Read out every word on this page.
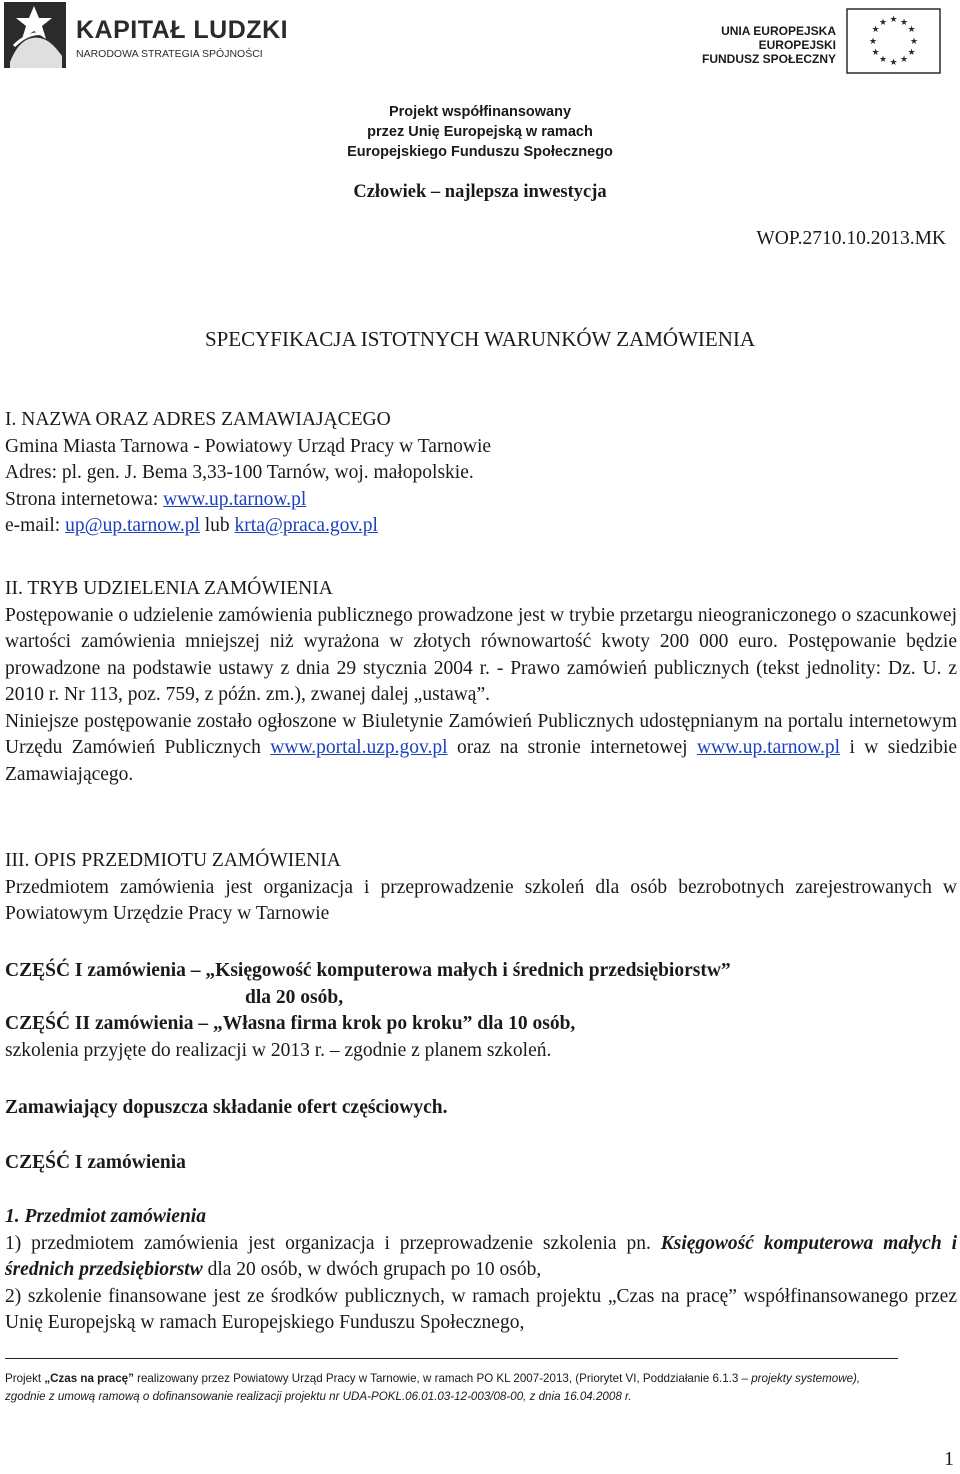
KAPITAŁ LUDZKI
NARODOWA STRATEGIA SPÓJNOŚCI
UNIA EUROPEJSKA
EUROPEJSKI
FUNDUSZ SPOŁECZNY
★ ★
★
★
★
★
★
★
★
★
★
★
Projekt współfinansowany
przez Unię Europejską w ramach
Europejskiego Funduszu Społecznego
Człowiek – najlepsza inwestycja
WOP.2710.10.2013.MK
SPECYFIKACJA ISTOTNYCH WARUNKÓW ZAMÓWIENIA

I. NAZWA ORAZ ADRES ZAMAWIAJĄCEGO

Gmina Miasta Tarnowa - Powiatowy Urząd Pracy w Tarnowie

Adres: pl. gen. J. Bema 3,33-100 Tarnów, woj. małopolskie.

Strona internetowa: www.up.tarnow.pl

e-mail: up@up.tarnow.pl lub krta@praca.gov.pl

II. TRYB UDZIELENIA ZAMÓWIENIA

Postępowanie o udzielenie zamówienia publicznego prowadzone jest w trybie przetargu nieograniczonego o szacunkowej wartości zamówienia mniejszej niż wyrażona w złotych równowartość kwoty 200 000 euro. Postępowanie będzie prowadzone na podstawie ustawy z dnia 29 stycznia 2004 r. - Prawo zamówień publicznych (tekst jednolity: Dz. U. z 2010 r. Nr 113, poz. 759, z późn. zm.), zwanej dalej „ustawą”.

Niniejsze postępowanie zostało ogłoszone w Biuletynie Zamówień Publicznych udostępnianym na portalu internetowym Urzędu Zamówień Publicznych www.portal.uzp.gov.pl oraz na stronie internetowej www.up.tarnow.pl i w siedzibie Zamawiającego.

III. OPIS PRZEDMIOTU ZAMÓWIENIA

Przedmiotem zamówienia jest organizacja i przeprowadzenie szkoleń dla osób bezrobotnych zarejestrowanych w Powiatowym Urzędzie Pracy w Tarnowie

CZĘŚĆ I zamówienia – „Księgowość komputerowa małych i średnich przedsiębiorstw”

dla 20 osób,

CZĘŚĆ II zamówienia – „Własna firma krok po kroku” dla 10 osób,

szkolenia przyjęte do realizacji w 2013 r. – zgodnie z planem szkoleń.

Zamawiający dopuszcza składanie ofert częściowych.
CZĘŚĆ I zamówienia

1. Przedmiot zamówienia

1) przedmiotem zamówienia jest organizacja i przeprowadzenie szkolenia pn. Księgowość komputerowa małych i średnich przedsiębiorstw dla 20 osób, w dwóch grupach po 10 osób,

2) szkolenie finansowane jest ze środków publicznych, w ramach projektu „Czas na pracę” współfinansowanego przez Unię Europejską w ramach Europejskiego Funduszu Społecznego,

Projekt „Czas na pracę” realizowany przez Powiatowy Urząd Pracy w Tarnowie, w ramach PO KL 2007-2013, (Priorytet VI, Poddziałanie 6.1.3 – projekty systemowe),
zgodnie z umową ramową o dofinansowanie realizacji projektu nr UDA-POKL.06.01.03-12-003/08-00, z dnia 16.04.2008 r.
1
